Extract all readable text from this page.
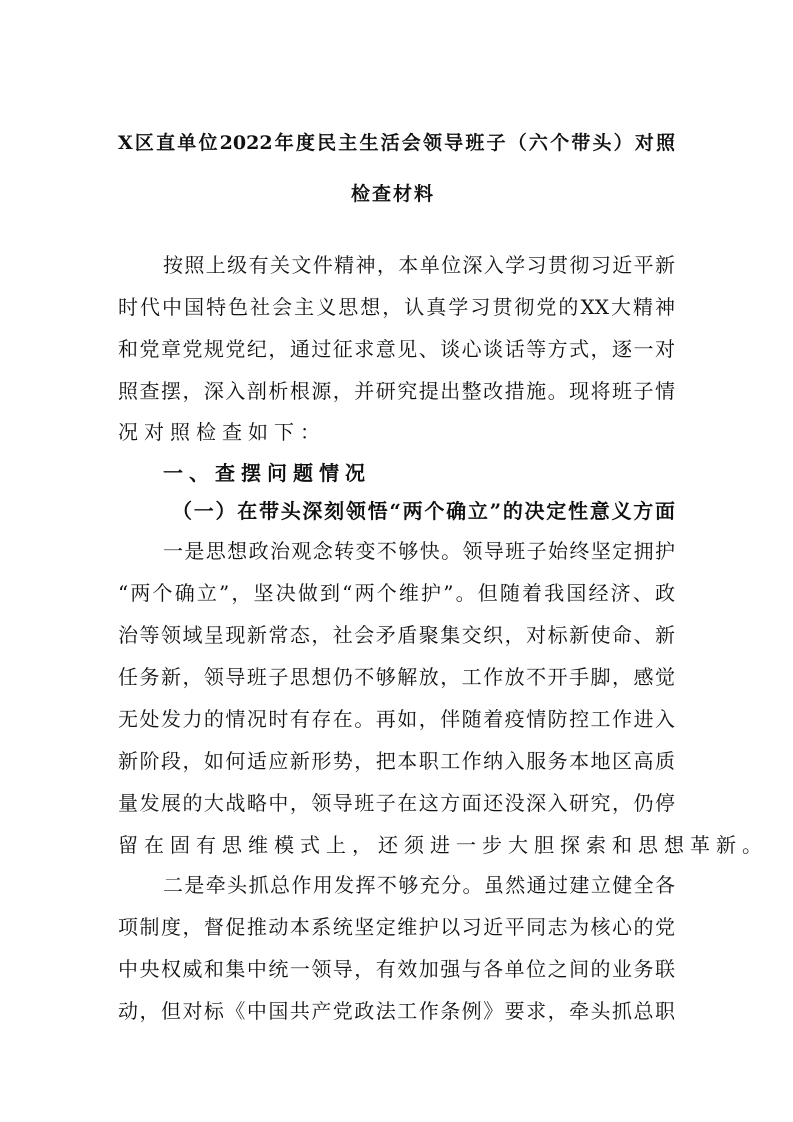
X区直单位2022年度民主生活会领导班子（六个带头）对照
检查材料
按照上级有关文件精神，本单位深入学习贯彻习近平新
时代中国特色社会主义思想，认真学习贯彻党的XX大精神
和党章党规党纪，通过征求意见、谈心谈话等方式，逐一对
照查摆，深入剖析根源，并研究提出整改措施。现将班子情
况对照检查如下：
一、查摆问题情况
（一）在带头深刻领悟“两个确立”的决定性意义方面
一是思想政治观念转变不够快。领导班子始终坚定拥护
“两个确立”，坚决做到“两个维护”。但随着我国经济、政
治等领域呈现新常态，社会矛盾聚集交织，对标新使命、新
任务新，领导班子思想仍不够解放，工作放不开手脚，感觉
无处发力的情况时有存在。再如，伴随着疫情防控工作进入
新阶段，如何适应新形势，把本职工作纳入服务本地区高质
量发展的大战略中，领导班子在这方面还没深入研究，仍停
留在固有思维模式上，还须进一步大胆探索和思想革新。
二是牵头抓总作用发挥不够充分。虽然通过建立健全各
项制度，督促推动本系统坚定维护以习近平同志为核心的党
中央权威和集中统一领导，有效加强与各单位之间的业务联
动，但对标《中国共产党政法工作条例》要求，牵头抓总职
